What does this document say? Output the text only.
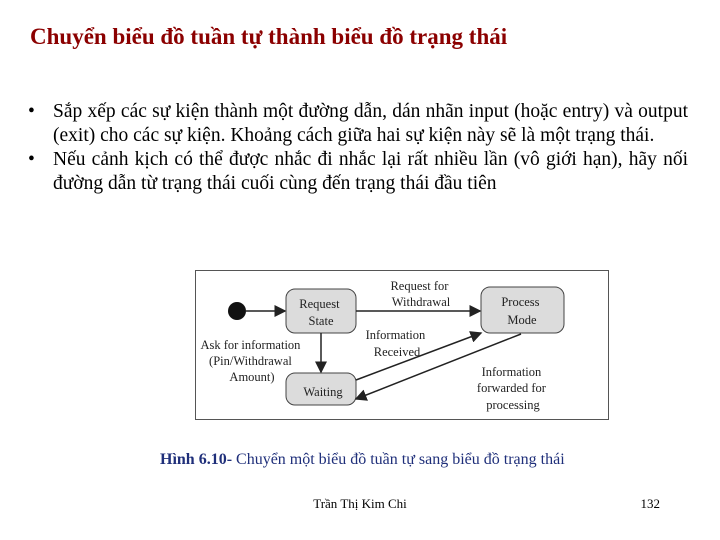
Chuyển biểu đồ tuần tự thành biểu đồ trạng thái
• Sắp xếp các sự kiện thành một đường dẫn, dán nhãn input (hoặc entry) và output (exit) cho các sự kiện. Khoảng cách giữa hai sự kiện này sẽ là một trạng thái.
• Nếu cảnh kịch có thể được nhắc đi nhắc lại rất nhiều lần (vô giới hạn), hãy nối đường dẫn từ trạng thái cuối cùng đến trạng thái đầu tiên
Request State
Process Mode
Waiting
Request for Withdrawal
Information Received
Ask for information (Pin/Withdrawal Amount)	Information forwarded for processing
Hình 6.10- Chuyển một biểu đồ tuần tự sang biểu đồ trạng thái
Trần Thị Kim Chi	132
